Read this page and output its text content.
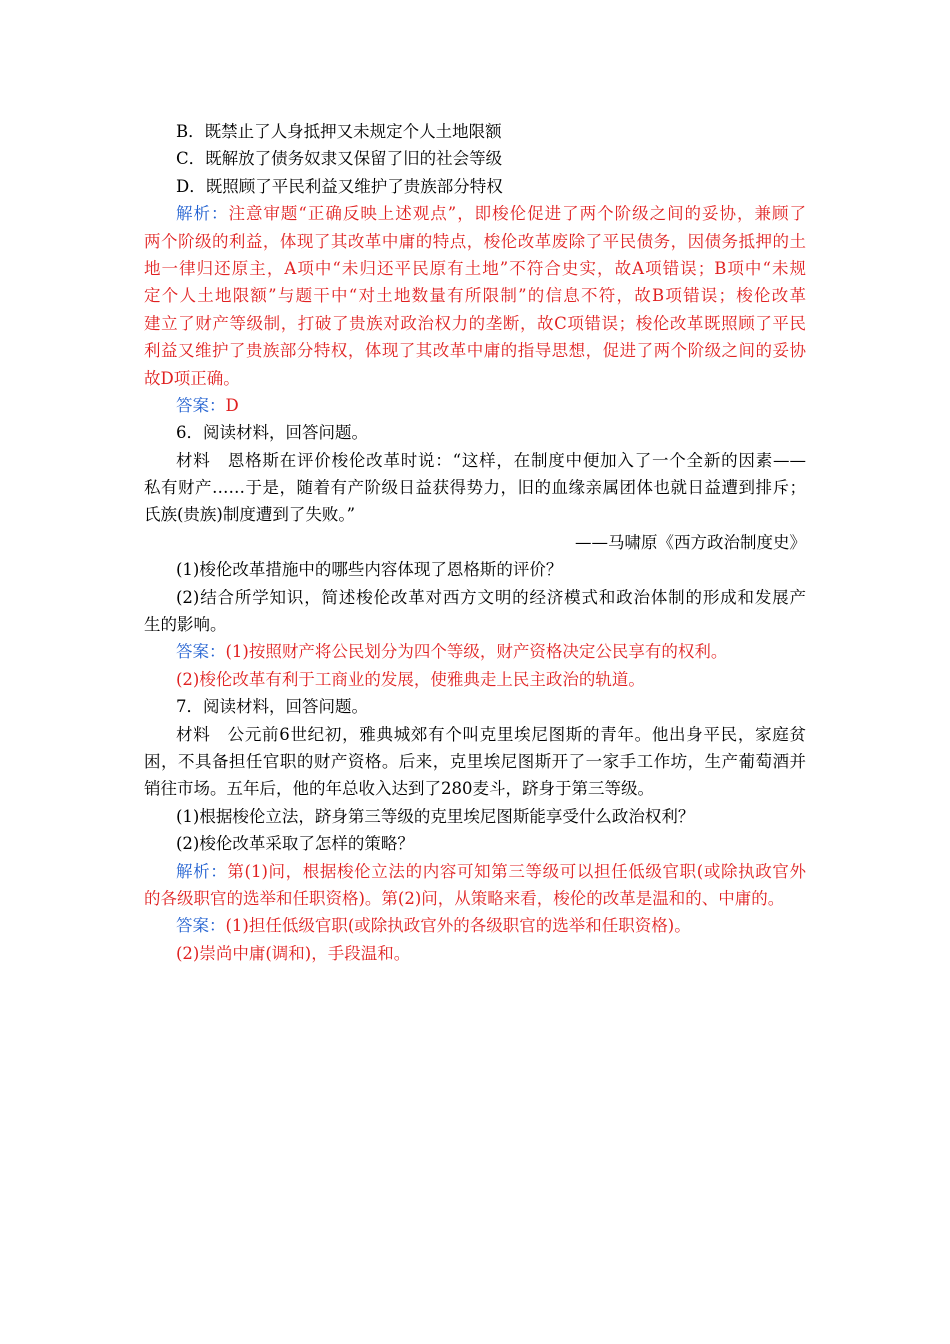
B．既禁止了人身抵押又未规定个人土地限额
C．既解放了债务奴隶又保留了旧的社会等级
D．既照顾了平民利益又维护了贵族部分特权
解析：注意审题“正确反映上述观点”，即梭伦促进了两个阶级之间的妥协，兼顾了
两个阶级的利益，体现了其改革中庸的特点，梭伦改革废除了平民债务，因债务抵押的土
地一律归还原主，A项中“未归还平民原有土地”不符合史实，故A项错误；B项中“未规
定个人土地限额”与题干中“对土地数量有所限制”的信息不符，故B项错误；梭伦改革
建立了财产等级制，打破了贵族对政治权力的垄断，故C项错误；梭伦改革既照顾了平民
利益又维护了贵族部分特权，体现了其改革中庸的指导思想，促进了两个阶级之间的妥协
故D项正确。
答案：D
6．阅读材料，回答问题。
材料　恩格斯在评价梭伦改革时说：“这样，在制度中便加入了一个全新的因素——
私有财产……于是，随着有产阶级日益获得势力，旧的血缘亲属团体也就日益遭到排斥；
氏族(贵族)制度遭到了失败。”
——马啸原《西方政治制度史》
(1)梭伦改革措施中的哪些内容体现了恩格斯的评价？
(2)结合所学知识，简述梭伦改革对西方文明的经济模式和政治体制的形成和发展产
生的影响。
答案：(1)按照财产将公民划分为四个等级，财产资格决定公民享有的权利。
(2)梭伦改革有利于工商业的发展，使雅典走上民主政治的轨道。
7．阅读材料，回答问题。
材料　公元前6世纪初，雅典城郊有个叫克里埃尼图斯的青年。他出身平民，家庭贫
困，不具备担任官职的财产资格。后来，克里埃尼图斯开了一家手工作坊，生产葡萄酒并
销往市场。五年后，他的年总收入达到了280麦斗，跻身于第三等级。
(1)根据梭伦立法，跻身第三等级的克里埃尼图斯能享受什么政治权利？
(2)梭伦改革采取了怎样的策略？
解析：第(1)问，根据梭伦立法的内容可知第三等级可以担任低级官职(或除执政官外
的各级职官的选举和任职资格)。第(2)问，从策略来看，梭伦的改革是温和的、中庸的。
答案：(1)担任低级官职(或除执政官外的各级职官的选举和任职资格)。
(2)崇尚中庸(调和)，手段温和。
